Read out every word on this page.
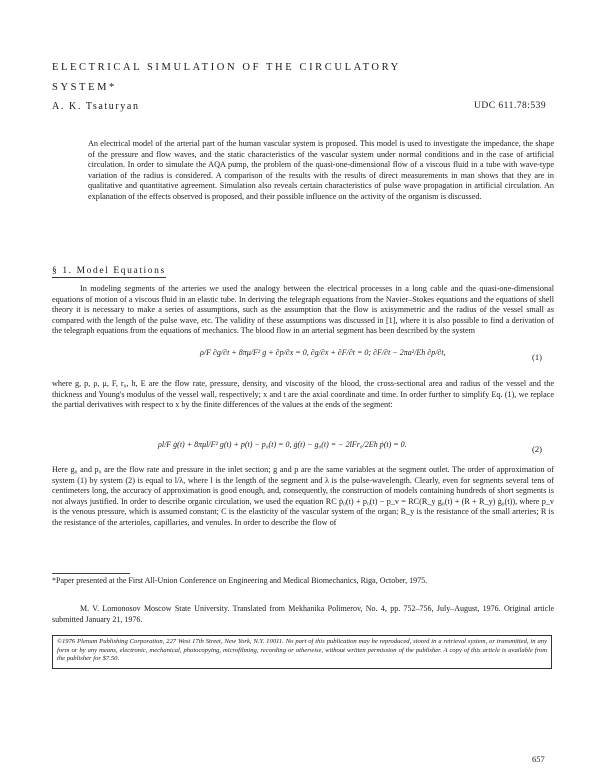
ELECTRICAL SIMULATION OF THE CIRCULATORY
SYSTEM*
A. K. Tsaturyan	UDC 611.78:539
An electrical model of the arterial part of the human vascular system is proposed. This model is used to investigate the impedance, the shape of the pressure and flow waves, and the static characteristics of the vascular system under normal conditions and in the case of artificial circulation. In order to simulate the AQA pump, the problem of the quasi-one-dimensional flow of a viscous fluid in a tube with wave-type variation of the radius is considered. A comparison of the results with the results of direct measurements in man shows that they are in qualitative and quantitative agreement. Simulation also reveals certain characteristics of pulse wave propagation in artificial circulation. An explanation of the effects observed is proposed, and their possible influence on the activity of the organism is discussed.
§ 1. Model Equations
In modeling segments of the arteries we used the analogy between the electrical processes in a long cable and the quasi-one-dimensional equations of motion of a viscous fluid in an elastic tube. In deriving the telegraph equations from the Navier–Stokes equations and the equations of shell theory it is necessary to make a series of assumptions, such as the assumption that the flow is axisymmetric and the radius of the vessel small as compared with the length of the pulse wave, etc. The validity of these assumptions was discussed in [1], where it is also possible to find a derivation of the telegraph equations from the equations of mechanics. The blood flow in an arterial segment has been described by the system
ρ/F ∂g/∂t + 8πμ/F² g + ∂p/∂x = 0, ∂g/∂x + ∂F/∂t = 0; ∂F/∂t − 2πa²/Eh ∂p/∂t,	(1)
where g, p, ρ, μ, F, r₀, h, E are the flow rate, pressure, density, and viscosity of the blood, the cross-sectional area and radius of the vessel and the thickness and Young's modulus of the vessel wall, respectively; x and t are the axial coordinate and time. In order further to simplify Eq. (1), we replace the partial derivatives with respect to x by the finite differences of the values at the ends of the segment:
ρl/F ġ(t) + 8πμl/F² g(t) + p(t) − p₀(t) = 0, ġ(t) − g₀(t) = − 2lFr₀/2Eh ṗ(t) = 0.	(2)
Here g₀ and p₀ are the flow rate and pressure in the inlet section; g and p are the same variables at the segment outlet. The order of approximation of system (1) by system (2) is equal to l/λ, where l is the length of the segment and λ is the pulse-wavelength. Clearly, even for segments several tens of centimeters long, the accuracy of approximation is good enough, and, consequently, the construction of models containing hundreds of short segments is not always justified. In order to describe organic circulation, we used the equation RC ṗ₀(t) + p₀(t) − p_v = RC(R_y g₀(t) + (R + R_y) ġ₀(t)), where p_v is the venous pressure, which is assumed constant; C is the elasticity of the vascular system of the organ; R_y is the resistance of the small arteries; R is the resistance of the arterioles, capillaries, and venules. In order to describe the flow of
*Paper presented at the First All-Union Conference on Engineering and Medical Biomechanics, Riga, October, 1975.
M. V. Lomonosov Moscow State University. Translated from Mekhanika Polimerov, No. 4, pp. 752–756, July–August, 1976. Original article submitted January 21, 1976.
©1976 Plenum Publishing Corporation, 227 West 17th Street, New York, N.Y. 10011. No part of this publication may be reproduced, stored in a retrieval system, or transmitted, in any form or by any means, electronic, mechanical, photocopying, microfilming, recording or otherwise, without written permission of the publisher. A copy of this article is available from the publisher for $7.50.
657
